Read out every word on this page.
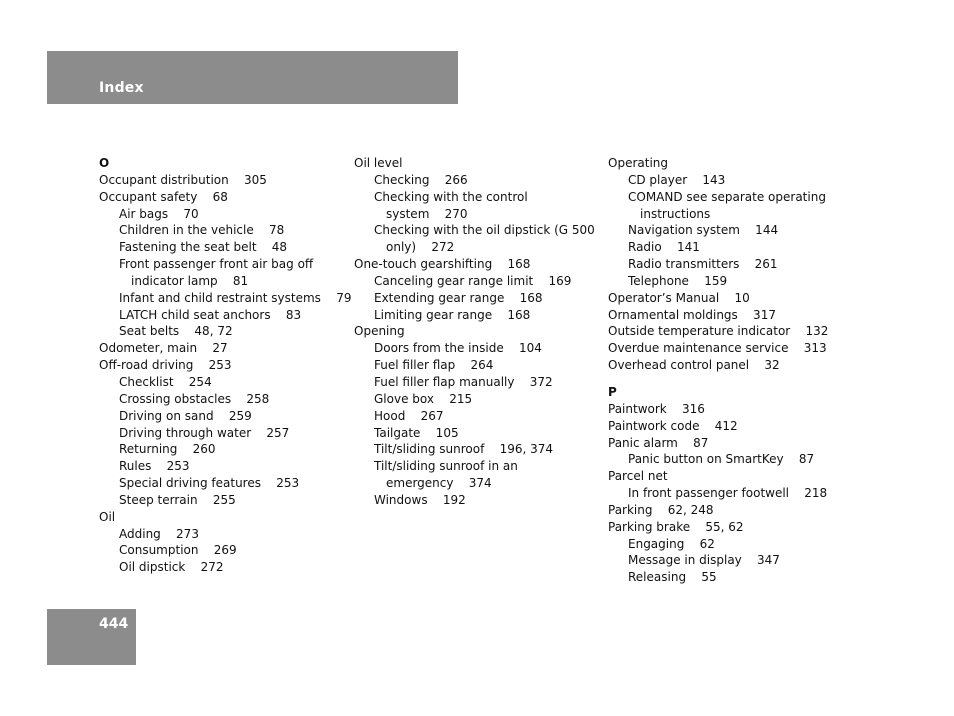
Index
O
Occupant distribution    305
Occupant safety    68
Air bags    70
Children in the vehicle    78
Fastening the seat belt    48
Front passenger front air bag off
indicator lamp    81
Infant and child restraint systems    79
LATCH child seat anchors    83
Seat belts    48, 72
Odometer, main    27
Off-road driving    253
Checklist    254
Crossing obstacles    258
Driving on sand    259
Driving through water    257
Returning    260
Rules    253
Special driving features    253
Steep terrain    255
Oil
Adding    273
Consumption    269
Oil dipstick    272
Oil level
Checking    266
Checking with the control
system    270
Checking with the oil dipstick (G 500
only)    272
One-touch gearshifting    168
Canceling gear range limit    169
Extending gear range    168
Limiting gear range    168
Opening
Doors from the inside    104
Fuel filler flap    264
Fuel filler flap manually    372
Glove box    215
Hood    267
Tailgate    105
Tilt/sliding sunroof    196, 374
Tilt/sliding sunroof in an
emergency    374
Windows    192
Operating
CD player    143
COMAND see separate operating
instructions
Navigation system    144
Radio    141
Radio transmitters    261
Telephone    159
Operator’s Manual    10
Ornamental moldings    317
Outside temperature indicator    132
Overdue maintenance service    313
Overhead control panel    32
P
Paintwork    316
Paintwork code    412
Panic alarm    87
Panic button on SmartKey    87
Parcel net
In front passenger footwell    218
Parking    62, 248
Parking brake    55, 62
Engaging    62
Message in display    347
Releasing    55
444
